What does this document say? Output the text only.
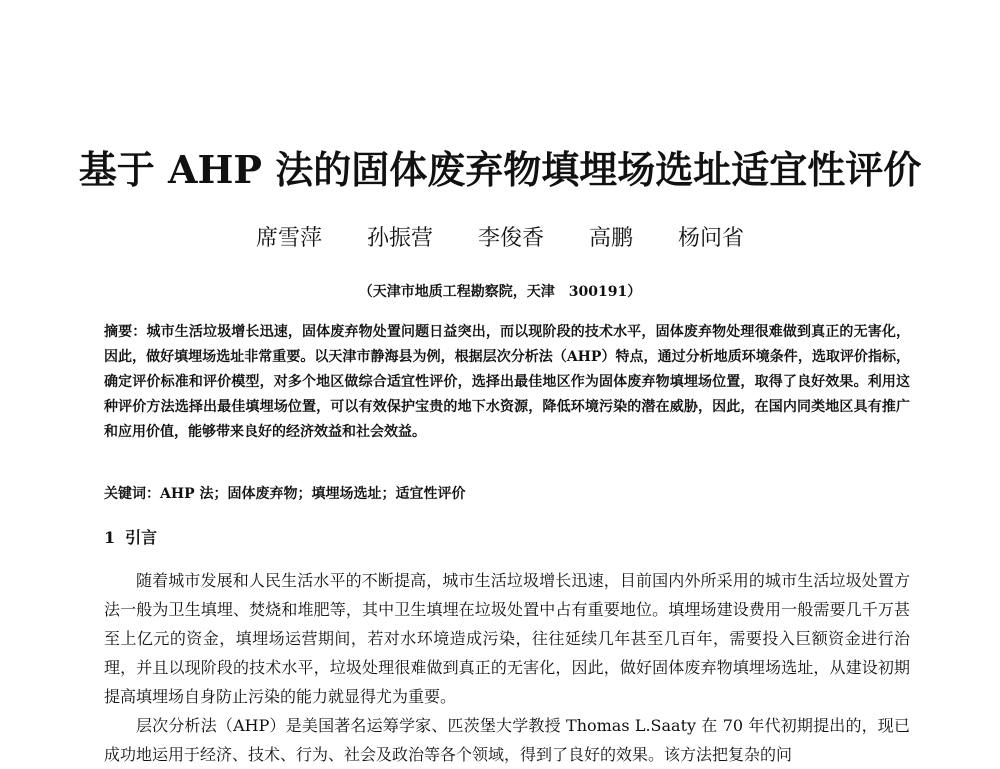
基于 AHP 法的固体废弃物填埋场选址适宜性评价
席雪萍 孙振营 李俊香 高鹏 杨问省
（天津市地质工程勘察院，天津　300191）
摘要：城市生活垃圾增长迅速，固体废弃物处置问题日益突出，而以现阶段的技术水平，固体废弃物处理很难做到真正的无害化，因此，做好填埋场选址非常重要。以天津市静海县为例，根据层次分析法（AHP）特点，通过分析地质环境条件，选取评价指标，确定评价标准和评价模型，对多个地区做综合适宜性评价，选择出最佳地区作为固体废弃物填埋场位置，取得了良好效果。利用这种评价方法选择出最佳填埋场位置，可以有效保护宝贵的地下水资源，降低环境污染的潜在威胁，因此，在国内同类地区具有推广和应用价值，能够带来良好的经济效益和社会效益。
关键词：AHP 法；固体废弃物；填埋场选址；适宜性评价
1 引言

随着城市发展和人民生活水平的不断提高，城市生活垃圾增长迅速，目前国内外所采用的城市生活垃圾处置方法一般为卫生填埋、焚烧和堆肥等，其中卫生填埋在垃圾处置中占有重要地位。填埋场建设费用一般需要几千万甚至上亿元的资金，填埋场运营期间，若对水环境造成污染，往往延续几年甚至几百年，需要投入巨额资金进行治理，并且以现阶段的技术水平，垃圾处理很难做到真正的无害化，因此，做好固体废弃物填埋场选址，从建设初期提高填埋场自身防止污染的能力就显得尤为重要。

层次分析法（AHP）是美国著名运筹学家、匹茨堡大学教授 Thomas L.Saaty 在 70 年代初期提出的，现已成功地运用于经济、技术、行为、社会及政治等各个领域，得到了良好的效果。该方法把复杂的问
